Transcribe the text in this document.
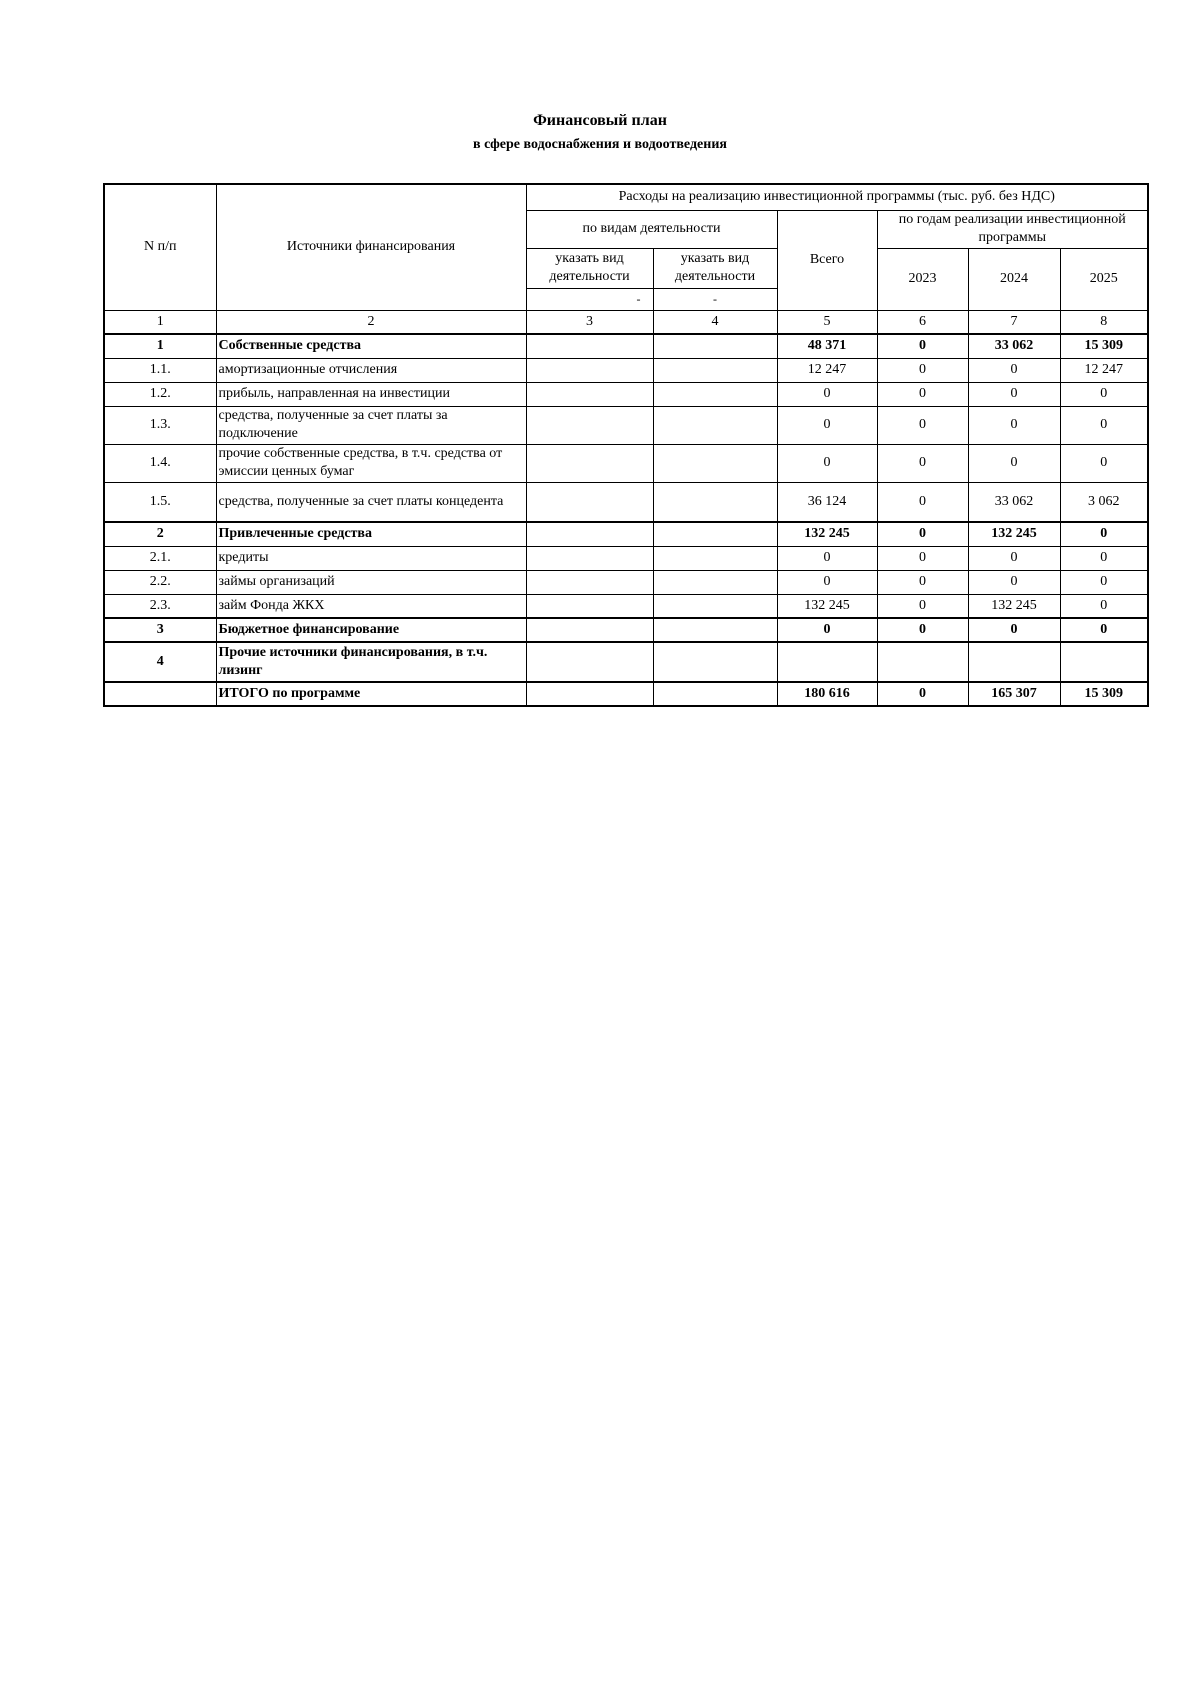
Финансовый план
в сфере водоснабжения и водоотведения
N п/п	Источники финансирования	Расходы на реализацию инвестиционной программы (тыс. руб. без НДС)					
		по видам деятельности		Всего	по годам реализации инвестиционной программы		
		указать вид деятельности	указать вид деятельности		2023	2024	2025
		-	-				
1	2	3	4	5	6	7	8
1	Собственные средства			48 371	0	33 062	15 309
1.1.	амортизационные отчисления			12 247	0	0	12 247
1.2.	прибыль, направленная на инвестиции			0	0	0	0
1.3.	средства, полученные за счет платы за подключение			0	0	0	0
1.4.	прочие собственные средства, в т.ч. средства от эмиссии ценных бумаг			0	0	0	0
1.5.	средства, полученные за счет платы концедента			36 124	0	33 062	3 062
2	Привлеченные средства			132 245	0	132 245	0
2.1.	кредиты			0	0	0	0
2.2.	займы организаций			0	0	0	0
2.3.	займ Фонда ЖКХ			132 245	0	132 245	0
3	Бюджетное финансирование			0	0	0	0
4	Прочие источники финансирования, в т.ч. лизинг						
	ИТОГО по программе			180 616	0	165 307	15 309
